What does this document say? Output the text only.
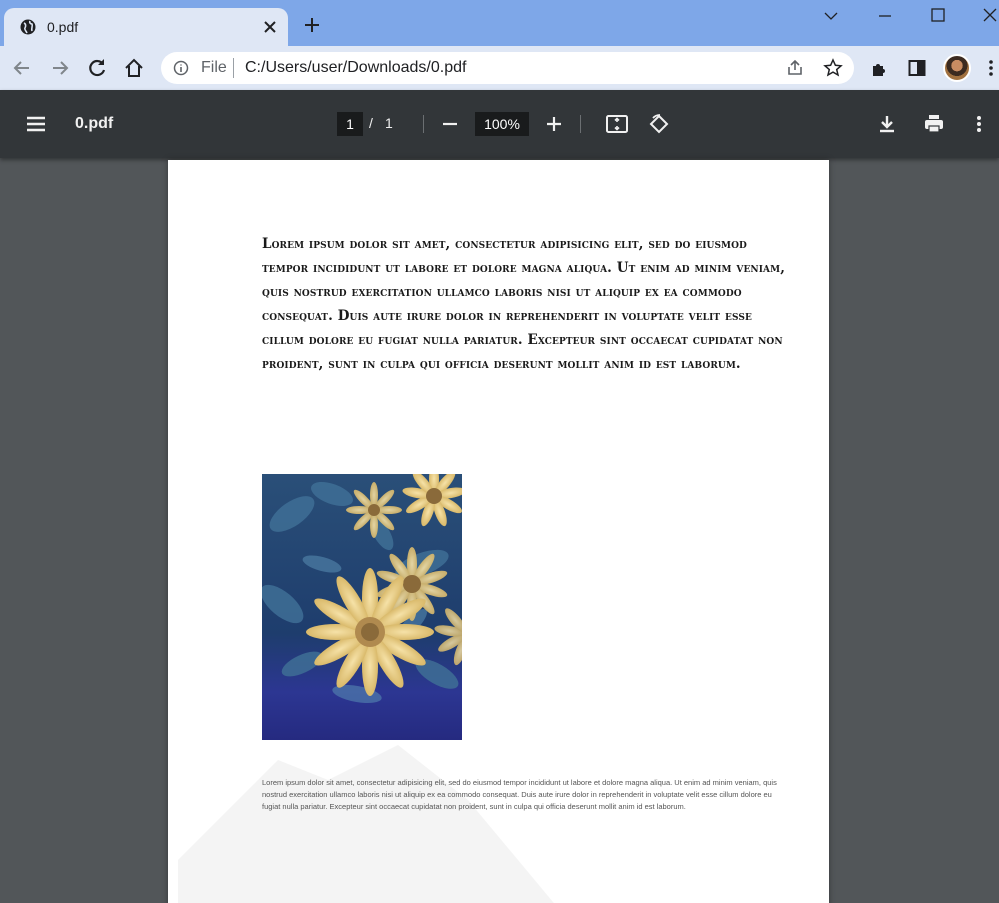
0.pdf
File C:/Users/user/Downloads/0.pdf
0.pdf	1	/ 1	100%
Lorem ipsum dolor sit amet, consectetur adipisicing elit, sed do eiusmod tempor incididunt ut labore et dolore magna aliqua. Ut enim ad minim veniam, quis nostrud exercitation ullamco laboris nisi ut aliquip ex ea commodo consequat. Duis aute irure dolor in reprehenderit in voluptate velit esse cillum dolore eu fugiat nulla pariatur. Excepteur sint occaecat cupidatat non proident, sunt in culpa qui officia deserunt mollit anim id est laborum.
Lorem ipsum dolor sit amet, consectetur adipisicing elit, sed do eiusmod tempor incididunt ut labore et dolore magna aliqua. Ut enim ad minim veniam, quis nostrud exercitation ullamco laboris nisi ut aliquip ex ea commodo consequat. Duis aute irure dolor in reprehenderit in voluptate velit esse cillum dolore eu fugiat nulla pariatur. Excepteur sint occaecat cupidatat non proident, sunt in culpa qui officia deserunt mollit anim id est laborum.
